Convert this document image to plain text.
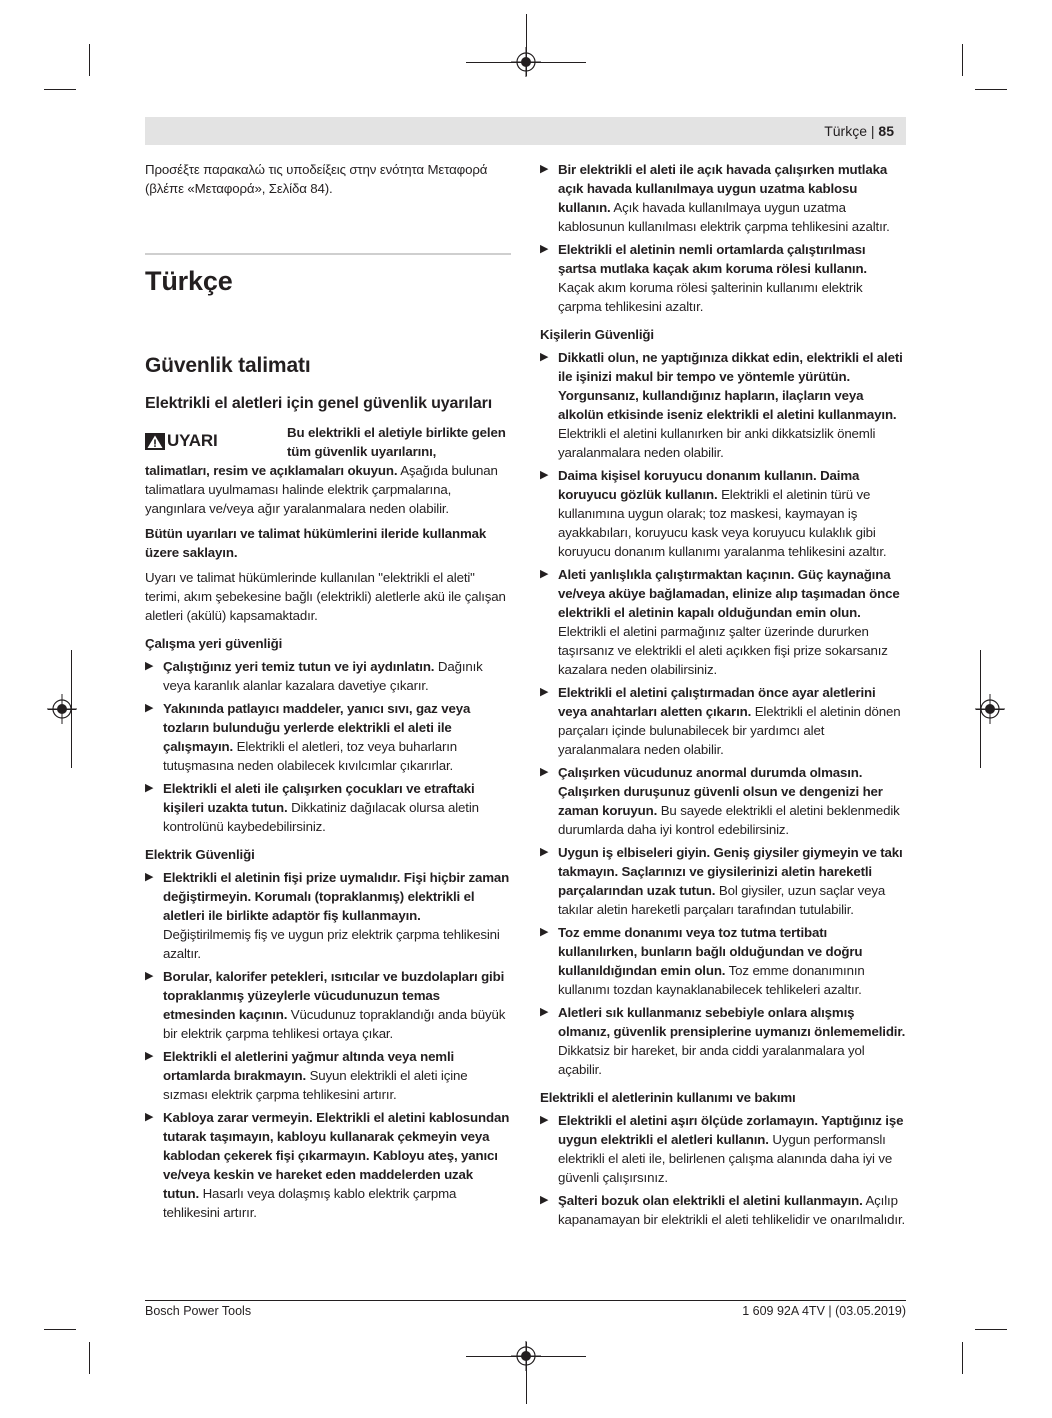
Türkçe | 85

Προσέξτε παρακαλώ τις υποδείξεις στην ενότητα Μεταφορά (βλέπε «Μεταφορά», Σελίδα 84).

Türkçe
Güvenlik talimatı
Elektrikli el aletleri için genel güvenlik uyarıları
UYARI	Bu elektrikli el aletiyle birlikte gelen tüm güvenlik uyarılarını,

talimatları, resim ve açıklamaları okuyun. Aşağıda bulunan talimatlara uyulmaması halinde elektrik çarpmalarına, yangınlara ve/veya ağır yaralanmalara neden olabilir.

Bütün uyarıları ve talimat hükümlerini ileride kullanmak üzere saklayın.

Uyarı ve talimat hükümlerinde kullanılan "elektrikli el aleti" terimi, akım şebekesine bağlı (elektrikli) aletlerle akü ile çalışan aletleri (akülü) kapsamaktadır.

Çalışma yeri güvenliği

▶ Çalıştığınız yeri temiz tutun ve iyi aydınlatın. Dağınık veya karanlık alanlar kazalara davetiye çıkarır.
▶ Yakınında patlayıcı maddeler, yanıcı sıvı, gaz veya tozların bulunduğu yerlerde elektrikli el aleti ile çalışmayın. Elektrikli el aletleri, toz veya buharların tutuşmasına neden olabilecek kıvılcımlar çıkarırlar.
▶ Elektrikli el aleti ile çalışırken çocukları ve etraftaki kişileri uzakta tutun. Dikkatiniz dağılacak olursa aletin kontrolünü kaybedebilirsiniz.

Elektrik Güvenliği

▶ Elektrikli el aletinin fişi prize uymalıdır. Fişi hiçbir zaman değiştirmeyin. Korumalı (topraklanmış) elektrikli el aletleri ile birlikte adaptör fiş kullanmayın. Değiştirilmemiş fiş ve uygun priz elektrik çarpma tehlikesini azaltır.
▶ Borular, kalorifer petekleri, ısıtıcılar ve buzdolapları gibi topraklanmış yüzeylerle vücudunuzun temas etmesinden kaçının. Vücudunuz topraklandığı anda büyük bir elektrik çarpma tehlikesi ortaya çıkar.
▶ Elektrikli el aletlerini yağmur altında veya nemli ortamlarda bırakmayın. Suyun elektrikli el aleti içine sızması elektrik çarpma tehlikesini artırır.
▶ Kabloya zarar vermeyin. Elektrikli el aletini kablosundan tutarak taşımayın, kabloyu kullanarak çekmeyin veya kablodan çekerek fişi çıkarmayın. Kabloyu ateş, yanıcı ve/veya keskin ve hareket eden maddelerden uzak tutun. Hasarlı veya dolaşmış kablo elektrik çarpma tehlikesini artırır.
▶ Bir elektrikli el aleti ile açık havada çalışırken mutlaka açık havada kullanılmaya uygun uzatma kablosu kullanın. Açık havada kullanılmaya uygun uzatma kablosunun kullanılması elektrik çarpma tehlikesini azaltır.
▶ Elektrikli el aletinin nemli ortamlarda çalıştırılması şartsa mutlaka kaçak akım koruma rölesi kullanın. Kaçak akım koruma rölesi şalterinin kullanımı elektrik çarpma tehlikesini azaltır.

Kişilerin Güvenliği

▶ Dikkatli olun, ne yaptığınıza dikkat edin, elektrikli el aleti ile işinizi makul bir tempo ve yöntemle yürütün. Yorgunsanız, kullandığınız hapların, ilaçların veya alkolün etkisinde iseniz elektrikli el aletini kullanmayın. Elektrikli el aletini kullanırken bir anki dikkatsizlik önemli yaralanmalara neden olabilir.
▶ Daima kişisel koruyucu donanım kullanın. Daima koruyucu gözlük kullanın. Elektrikli el aletinin türü ve kullanımına uygun olarak; toz maskesi, kaymayan iş ayakkabıları, koruyucu kask veya koruyucu kulaklık gibi koruyucu donanım kullanımı yaralanma tehlikesini azaltır.
▶ Aleti yanlışlıkla çalıştırmaktan kaçının. Güç kaynağına ve/veya aküye bağlamadan, elinize alıp taşımadan önce elektrikli el aletinin kapalı olduğundan emin olun. Elektrikli el aletini parmağınız şalter üzerinde dururken taşırsanız ve elektrikli el aleti açıkken fişi prize sokarsanız kazalara neden olabilirsiniz.
▶ Elektrikli el aletini çalıştırmadan önce ayar aletlerini veya anahtarları aletten çıkarın. Elektrikli el aletinin dönen parçaları içinde bulunabilecek bir yardımcı alet yaralanmalara neden olabilir.
▶ Çalışırken vücudunuz anormal durumda olmasın. Çalışırken duruşunuz güvenli olsun ve dengenizi her zaman koruyun. Bu sayede elektrikli el aletini beklenmedik durumlarda daha iyi kontrol edebilirsiniz.
▶ Uygun iş elbiseleri giyin. Geniş giysiler giymeyin ve takı takmayın. Saçlarınızı ve giysilerinizi aletin hareketli parçalarından uzak tutun. Bol giysiler, uzun saçlar veya takılar aletin hareketli parçaları tarafından tutulabilir.
▶ Toz emme donanımı veya toz tutma tertibatı kullanılırken, bunların bağlı olduğundan ve doğru kullanıldığından emin olun. Toz emme donanımının kullanımı tozdan kaynaklanabilecek tehlikeleri azaltır.
▶ Aletleri sık kullanmanız sebebiyle onlara alışmış olmanız, güvenlik prensiplerine uymanızı önlememelidir. Dikkatsiz bir hareket, bir anda ciddi yaralanmalara yol açabilir.

Elektrikli el aletlerinin kullanımı ve bakımı

▶ Elektrikli el aletini aşırı ölçüde zorlamayın. Yaptığınız işe uygun elektrikli el aletleri kullanın. Uygun performanslı elektrikli el aleti ile, belirlenen çalışma alanında daha iyi ve güvenli çalışırsınız.
▶ Şalteri bozuk olan elektrikli el aletini kullanmayın. Açılıp kapanamayan bir elektrikli el aleti tehlikelidir ve onarılmalıdır.
Bosch Power Tools	1 609 92A 4TV | (03.05.2019)
